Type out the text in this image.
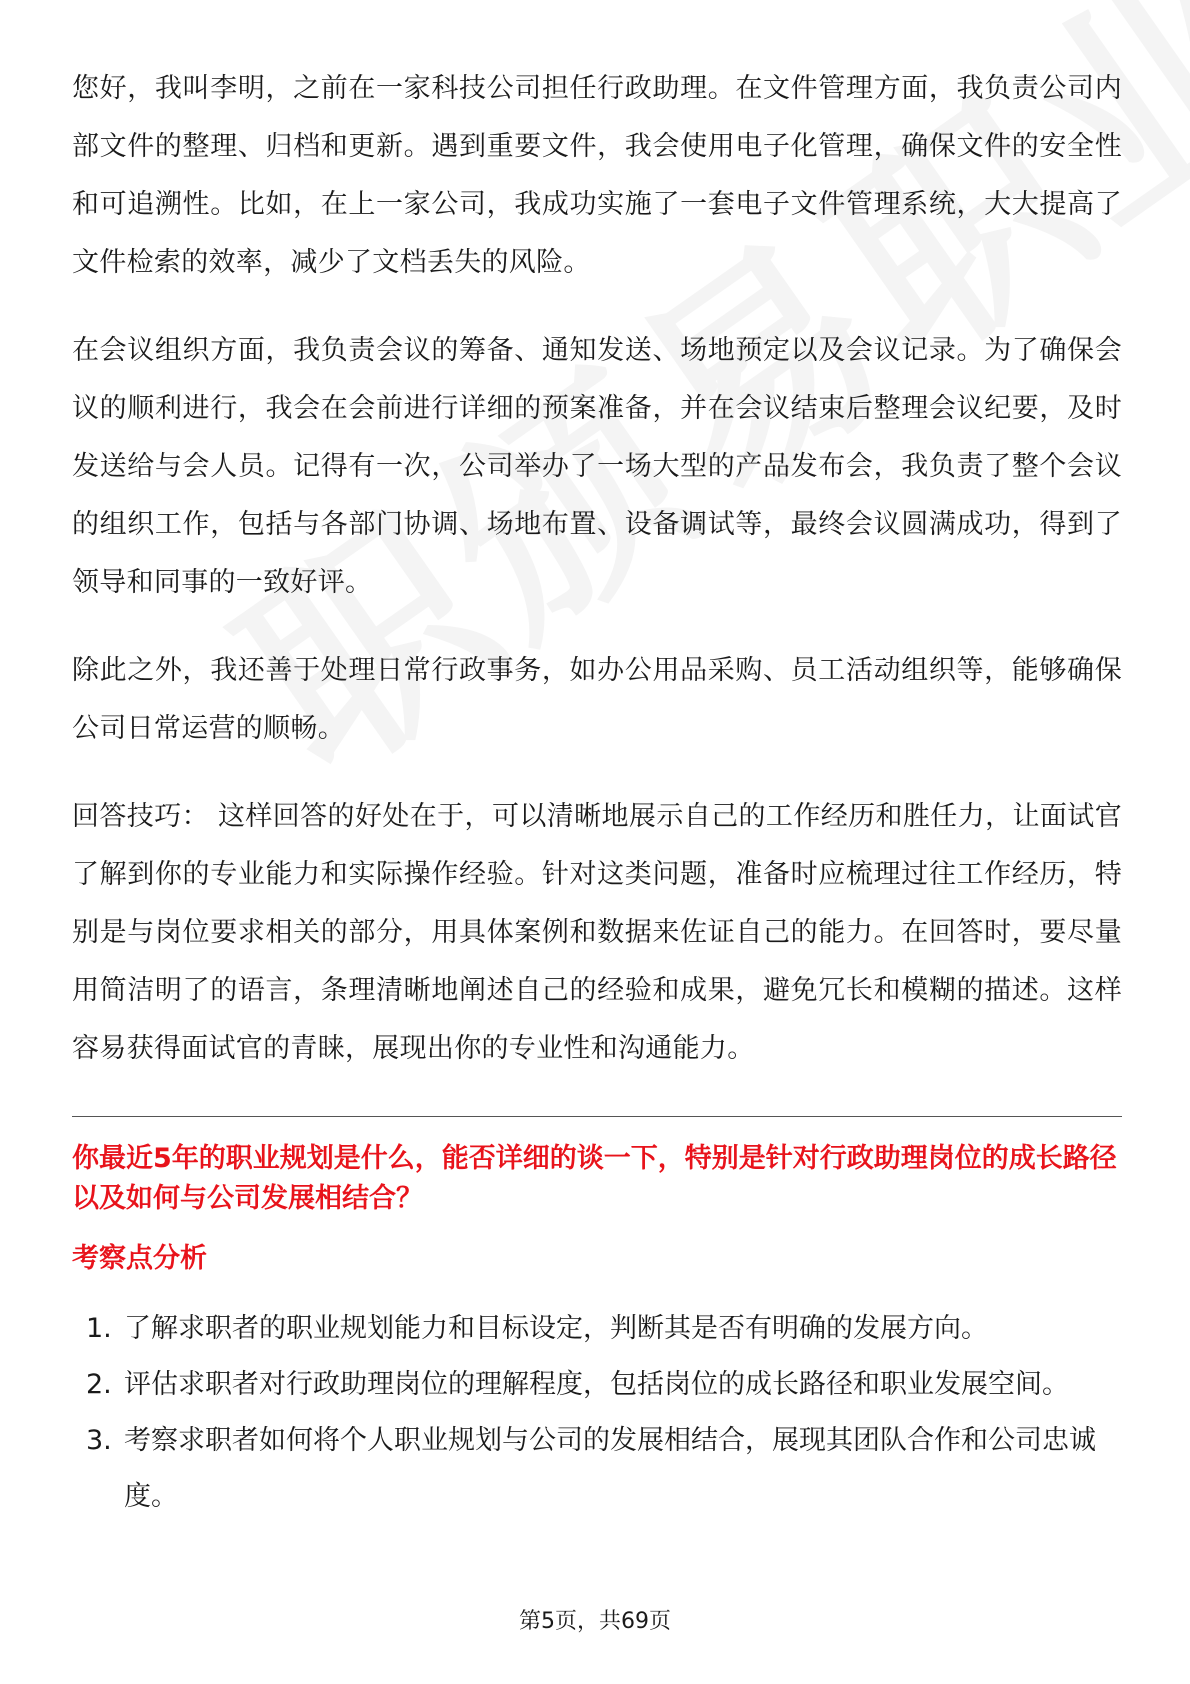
您好，我叫李明，之前在一家科技公司担任行政助理。在文件管理方面，我负责公司内部文件的整理、归档和更新。遇到重要文件，我会使用电子化管理，确保文件的安全性和可追溯性。比如，在上一家公司，我成功实施了一套电子文件管理系统，大大提高了文件检索的效率，减少了文档丢失的风险。

在会议组织方面，我负责会议的筹备、通知发送、场地预定以及会议记录。为了确保会议的顺利进行，我会在会前进行详细的预案准备，并在会议结束后整理会议纪要，及时发送给与会人员。记得有一次，公司举办了一场大型的产品发布会，我负责了整个会议的组织工作，包括与各部门协调、场地布置、设备调试等，最终会议圆满成功，得到了领导和同事的一致好评。

除此之外，我还善于处理日常行政事务，如办公用品采购、员工活动组织等，能够确保公司日常运营的顺畅。

回答技巧： 这样回答的好处在于，可以清晰地展示自己的工作经历和胜任力，让面试官了解到你的专业能力和实际操作经验。针对这类问题，准备时应梳理过往工作经历，特别是与岗位要求相关的部分，用具体案例和数据来佐证自己的能力。在回答时，要尽量用简洁明了的语言，条理清晰地阐述自己的经验和成果，避免冗长和模糊的描述。这样容易获得面试官的青睐，展现出你的专业性和沟通能力。

你最近5年的职业规划是什么，能否详细的谈一下，特别是针对行政助理岗位的成长路径以及如何与公司发展相结合？
考察点分析
1. 了解求职者的职业规划能力和目标设定，判断其是否有明确的发展方向。
2. 评估求职者对行政助理岗位的理解程度，包括岗位的成长路径和职业发展空间。
3. 考察求职者如何将个人职业规划与公司的发展相结合，展现其团队合作和公司忠诚度。
第5页，共69页
